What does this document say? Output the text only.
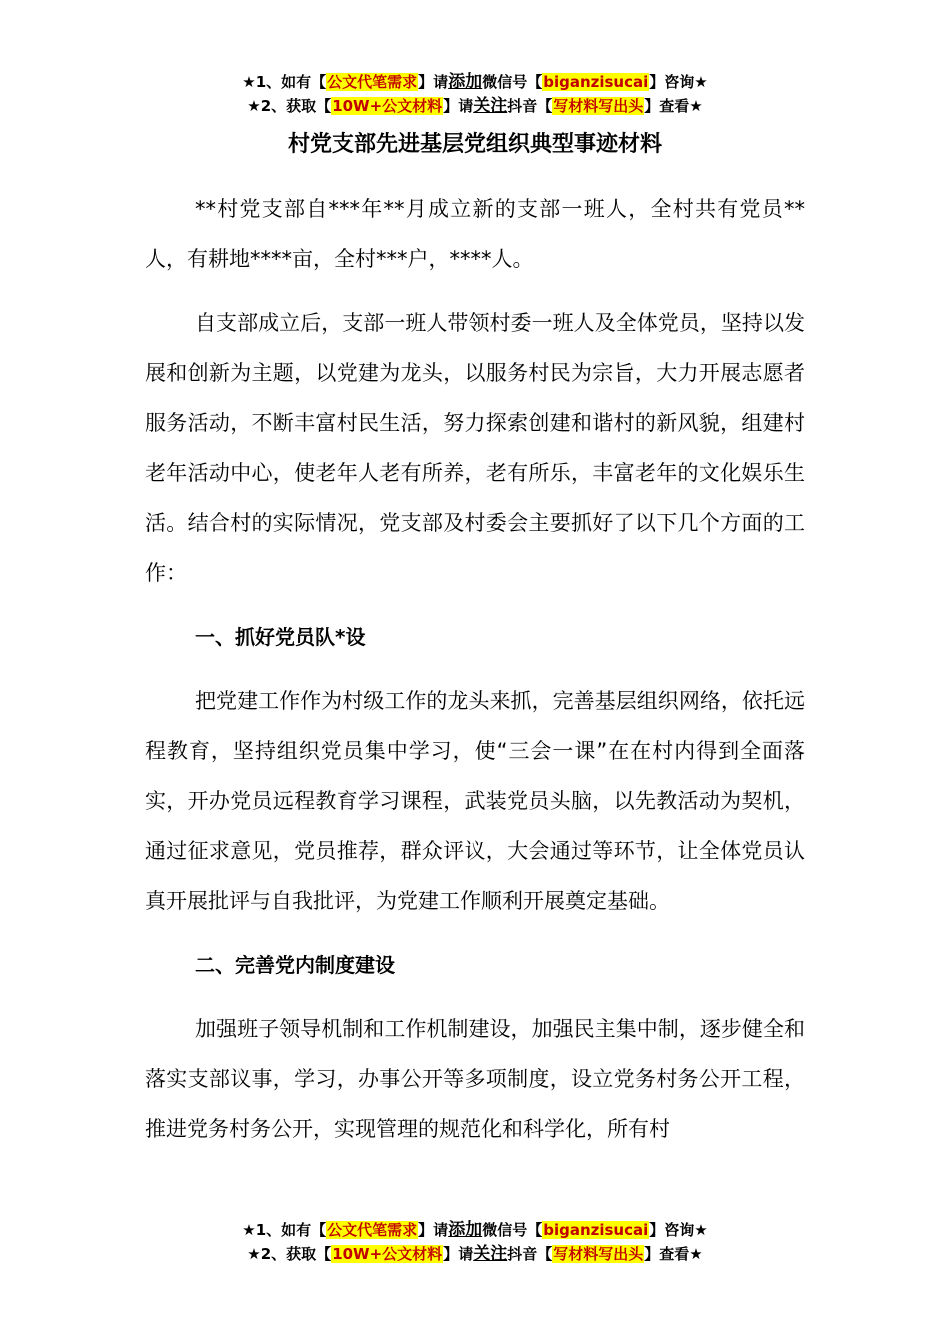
★1、如有【公文代笔需求】请添加微信号【biganzisucai】咨询★
★2、获取【10W+公文材料】请关注抖音【写材料写出头】查看★
村党支部先进基层党组织典型事迹材料

**村党支部自***年**月成立新的支部一班人，全村共有党员**人，有耕地****亩，全村***户，****人。

自支部成立后，支部一班人带领村委一班人及全体党员，坚持以发展和创新为主题，以党建为龙头，以服务村民为宗旨，大力开展志愿者服务活动，不断丰富村民生活，努力探索创建和谐村的新风貌，组建村老年活动中心，使老年人老有所养，老有所乐，丰富老年的文化娱乐生活。结合村的实际情况，党支部及村委会主要抓好了以下几个方面的工作：

一、抓好党员队*设

把党建工作作为村级工作的龙头来抓，完善基层组织网络，依托远程教育，坚持组织党员集中学习，使“三会一课”在在村内得到全面落实，开办党员远程教育学习课程，武装党员头脑，以先教活动为契机，通过征求意见，党员推荐，群众评议，大会通过等环节，让全体党员认真开展批评与自我批评，为党建工作顺利开展奠定基础。

二、完善党内制度建设

加强班子领导机制和工作机制建设，加强民主集中制，逐步健全和落实支部议事，学习，办事公开等多项制度，设立党务村务公开工程，推进党务村务公开，实现管理的规范化和科学化，所有村

★1、如有【公文代笔需求】请添加微信号【biganzisucai】咨询★
★2、获取【10W+公文材料】请关注抖音【写材料写出头】查看★
